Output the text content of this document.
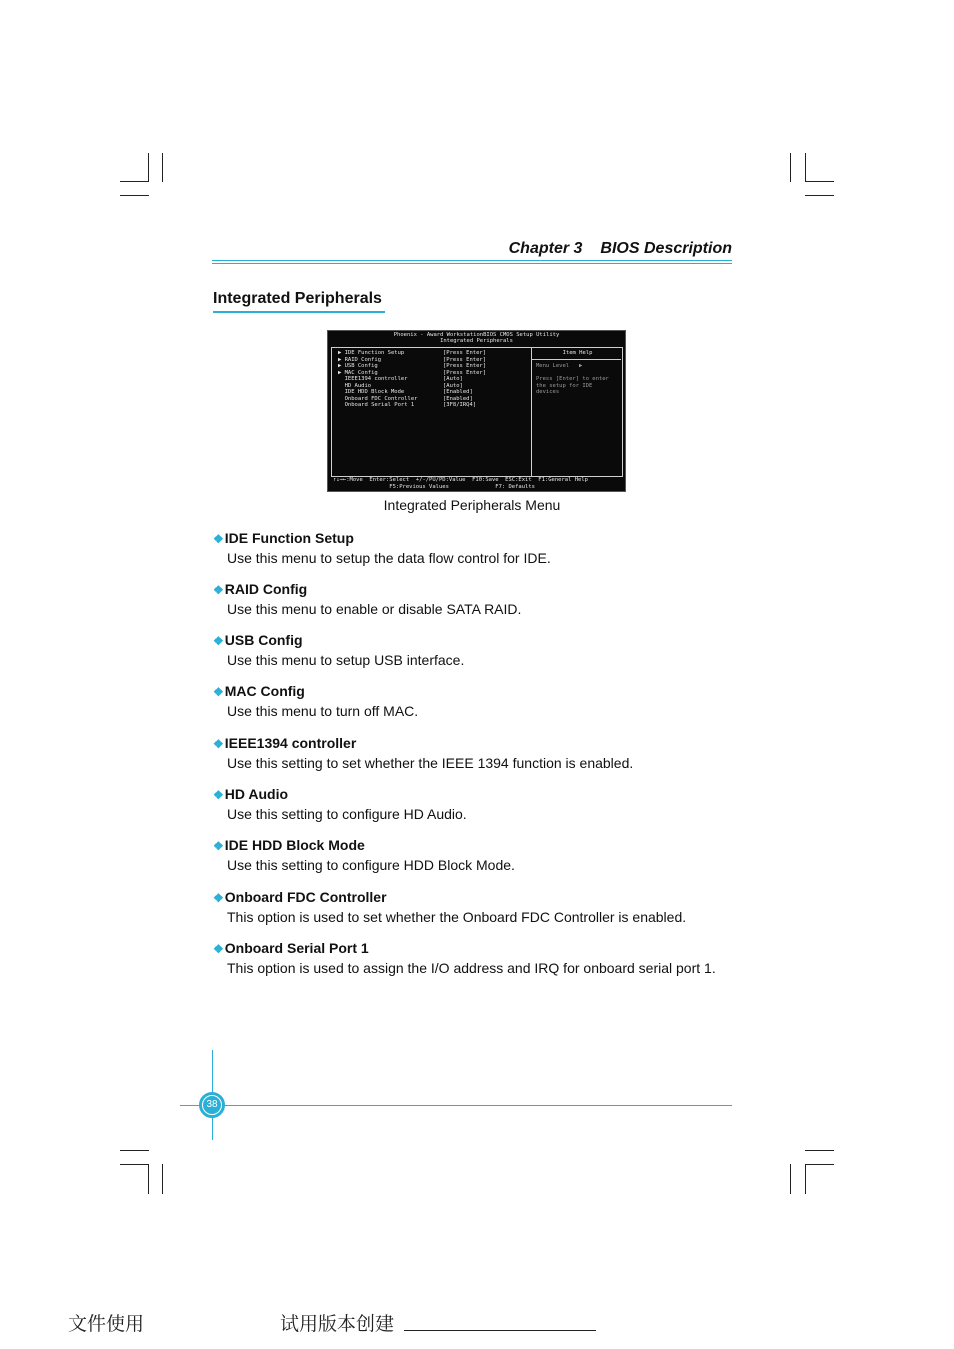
Chapter 3 BIOS Description
Integrated Peripherals
Phoenix - Award WorkstationBIOS CMOS Setup Utility
Integrated Peripherals
▶ IDE Function Setup	[Press Enter]
▶ RAID Config	[Press Enter]
▶ USB Config	[Press Enter]
▶ MAC Config	[Press Enter]
IEEE1394 controller	[Auto]
HD Audio	[Auto]
IDE HDD Block Mode	[Enabled]
Onboard FDC Controller	[Enabled]
Onboard Serial Port 1	[3F8/IRQ4]
Item Help
Menu Level   ▶
Press [Enter] to enter
the setup for IDE
devices
↑↓→←:Move  Enter:Select  +/-/PU/PD:Value  F10:Save  ESC:Exit  F1:General Help
F5:Previous Values              F7: Defaults
Integrated Peripherals Menu
❖IDE Function Setup
Use this menu to setup the data flow control for IDE.
❖RAID Config
Use this menu to enable or disable SATA RAID.
❖USB Config
Use this menu to setup USB interface.
❖MAC Config
Use this menu to turn off MAC.
❖IEEE1394 controller
Use this setting to set whether the IEEE 1394 function is enabled.
❖HD Audio
Use this setting to configure HD Audio.
❖IDE HDD Block Mode
Use this setting to configure HDD Block Mode.
❖Onboard FDC Controller
This option is used to set whether the Onboard FDC Controller is enabled.
❖Onboard Serial Port 1
This option is used to assign the I/O address and IRQ for onboard serial port 1.
38
文件使用	试用版本创建
